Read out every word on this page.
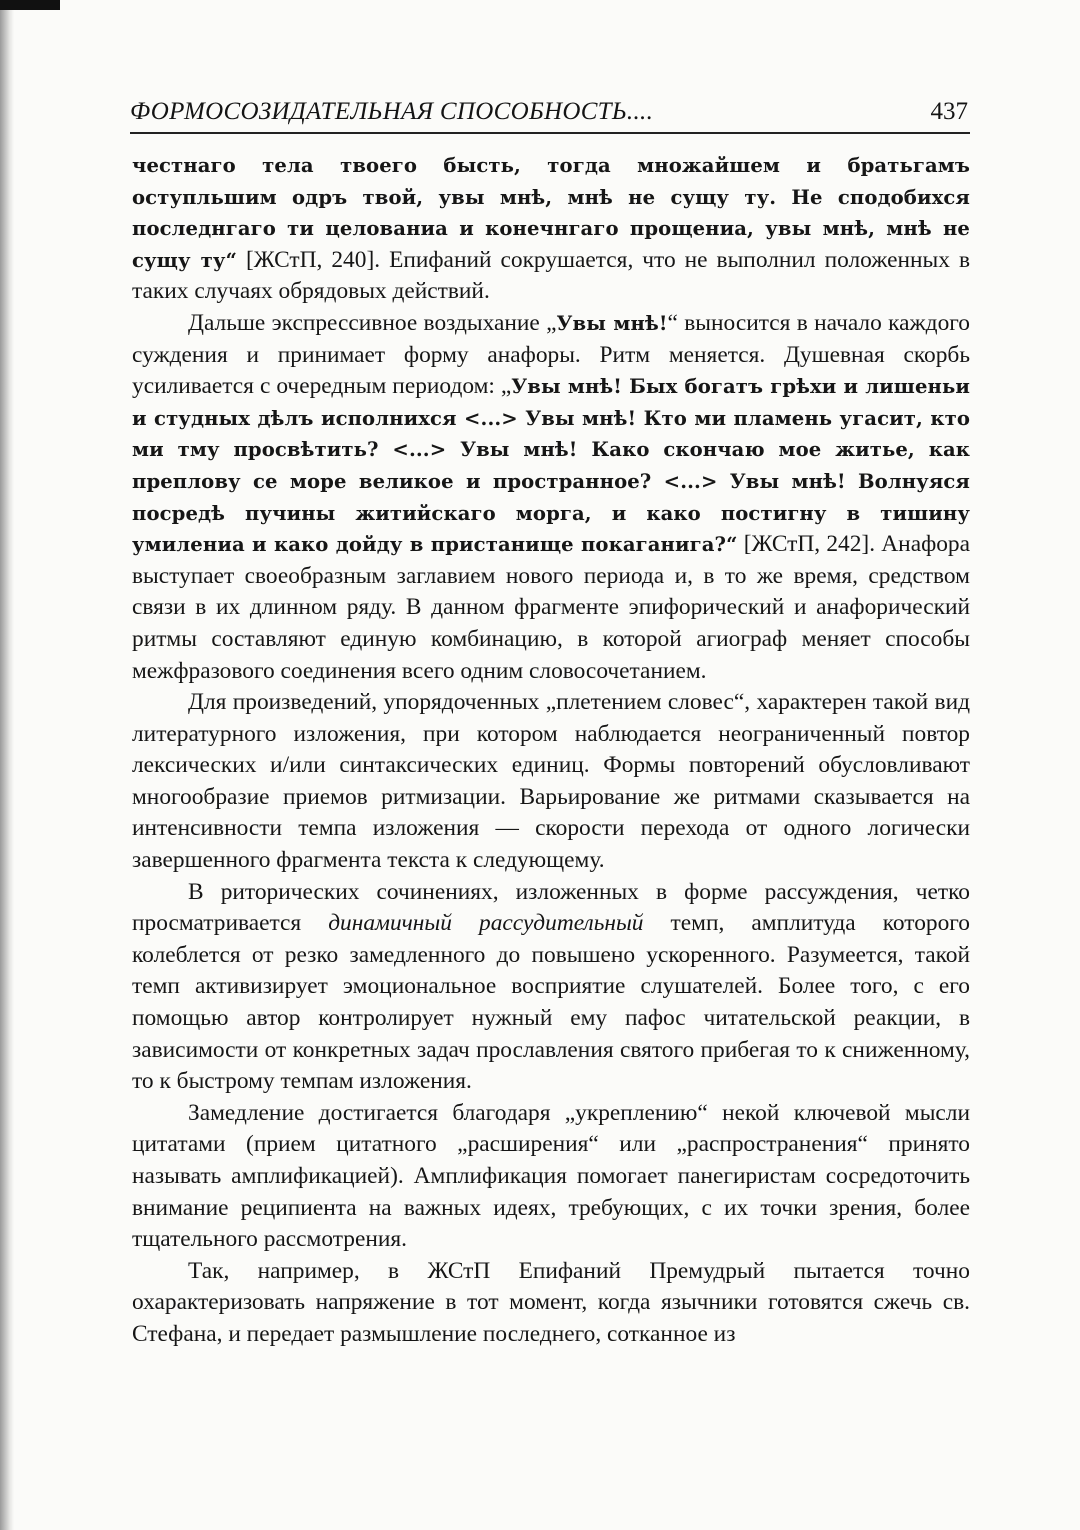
ФОРМОСОЗИДАТЕЛЬНАЯ СПОСОБНОСТЬ....	437

честнаго тела твоего бысть, тогда множайшем и братьгамъ оступльшим одръ твой, увы мнѣ, мнѣ не сущу ту. Не сподобихся последнгаго ти целованиа и конечнгаго прощениа, увы мнѣ, мнѣ не сущу ту“ [ЖСтП, 240]. Епифаний сокрушается, что не выполнил положенных в таких случаях обрядовых действий.

Дальше экспрессивное воздыхание „Увы мнѣ!“ выносится в начало каждого суждения и принимает форму анафоры. Ритм меняется. Душевная скорбь усиливается с очередным периодом: „Увы мнѣ! Бых богатъ грѣхи и лишеньи и студных дѣлъ исполнихся <...> Увы мнѣ! Кто ми пламень угасит, кто ми тму просвѣтить? <...> Увы мнѣ! Како скончаю мое житье, как преплову се море великое и пространное? <...> Увы мнѣ! Волнуяся посредѣ пучины житийскаго морга, и како постигну в тишину умилениа и како дойду в пристанище покаганига?“ [ЖСтП, 242]. Анафора выступает своеобразным заглавием нового периода и, в то же время, средством связи в их длинном ряду. В данном фрагменте эпифорический и анафорический ритмы составляют единую комбинацию, в которой агиограф меняет способы межфразового соединения всего одним словосочетанием.

Для произведений, упорядоченных „плетением словес“, характерен такой вид литературного изложения, при котором наблюдается неограниченный повтор лексических и/или синтаксических единиц. Формы повторений обусловливают многообразие приемов ритмизации. Варьирование же ритмами сказывается на интенсивности темпа изложения — скорости перехода от одного логически завершенного фрагмента текста к следующему.

В риторических сочинениях, изложенных в форме рассуждения, четко просматривается динамичный рассудительный темп, амплитуда которого колеблется от резко замедленного до повышено ускоренного. Разумеется, такой темп активизирует эмоциональное восприятие слушателей. Более того, с его помощью автор контролирует нужный ему пафос читательской реакции, в зависимости от конкретных задач прославления святого прибегая то к сниженному, то к быстрому темпам изложения.

Замедление достигается благодаря „укреплению“ некой ключевой мысли цитатами (прием цитатного „расширения“ или „распространения“ принято называть амплификацией). Амплификация помогает панегиристам сосредоточить внимание реципиента на важных идеях, требующих, с их точки зрения, более тщательного рассмотрения.

Так, например, в ЖСтП Епифаний Премудрый пытается точно охарактеризовать напряжение в тот момент, когда язычники готовятся сжечь св. Стефана, и передает размышление последнего, сотканное из
